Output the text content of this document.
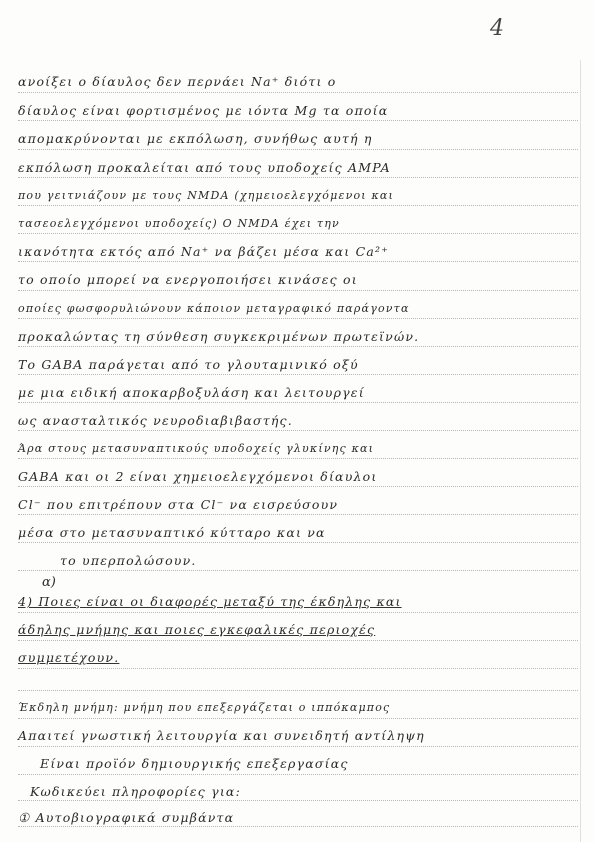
4
ανοίξει ο δίαυλος δεν περνάει Na⁺ διότι ο
δίαυλος είναι φορτισμένος με ιόντα Mg τα οποία
απομακρύνονται με εκπόλωση, συνήθως αυτή η
εκπόλωση προκαλείται από τους υποδοχείς AMPA
που γειτνιάζουν με τους NMDA (χημειοελεγχόμενοι και
τασεοελεγχόμενοι υποδοχείς) Ο NMDA έχει την
ικανότητα εκτός από Na⁺ να βάζει μέσα και Ca²⁺
το οποίο μπορεί να ενεργοποιήσει κινάσες οι
οποίες φωσφορυλιώνουν κάποιον μεταγραφικό παράγοντα
προκαλώντας τη σύνθεση συγκεκριμένων πρωτεϊνών.
Το GABA παράγεται από το γλουταμινικό οξύ
με μια ειδική αποκαρβοξυλάση και λειτουργεί
ως ανασταλτικός νευροδιαβιβαστής.
Άρα στους μετασυναπτικούς υποδοχείς γλυκίνης και
GABA και οι 2 είναι χημειοελεγχόμενοι δίαυλοι
Cl⁻ που επιτρέπουν στα Cl⁻ να εισρεύσουν
μέσα στο μετασυναπτικό κύτταρο και να
το υπερπολώσουν.
α)
4) Ποιες είναι οι διαφορές μεταξύ της έκδηλης και
άδηλης μνήμης και ποιες εγκεφαλικές περιοχές
συμμετέχουν.
Έκδηλη μνήμη: μνήμη που επεξεργάζεται ο ιππόκαμπος
Απαιτεί γνωστική λειτουργία και συνειδητή αντίληψη
Είναι προϊόν δημιουργικής επεξεργασίας
Κωδικεύει πληροφορίες για:
① Αυτοβιογραφικά συμβάντα
